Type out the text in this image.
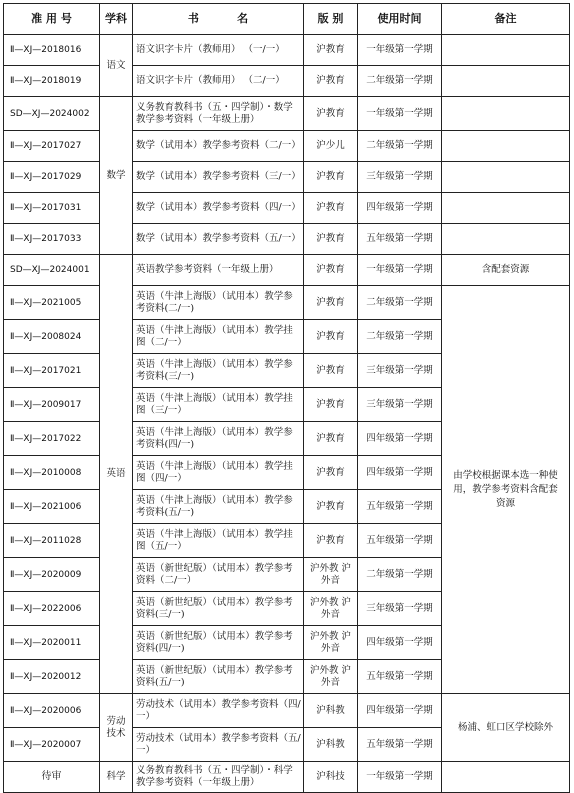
准 用 号	学科	书          名	版 别	使用时间	备注
Ⅱ—XJ—2018016	语文	语文识字卡片（教师用） （一/一）	沪教育	一年级第一学期	
Ⅱ—XJ—2018019		语文识字卡片（教师用） （二/一）	沪教育	二年级第一学期	
SD—XJ—2024002	数学	义务教育教科书（五・四学制）・数学 教学参考资料（一年级上册）	沪教育	一年级第一学期	
Ⅱ—XJ—2017027		数学（试用本）教学参考资料（二/一）	沪少儿	二年级第一学期	
Ⅱ—XJ—2017029		数学（试用本）教学参考资料（三/一）	沪教育	三年级第一学期	
Ⅱ—XJ—2017031		数学（试用本）教学参考资料（四/一）	沪教育	四年级第一学期	
Ⅱ—XJ—2017033		数学（试用本）教学参考资料（五/一）	沪教育	五年级第一学期	
SD—XJ—2024001	英语	英语教学参考资料（一年级上册）	沪教育	一年级第一学期	含配套资源
Ⅱ—XJ—2021005		英语（牛津上海版）（试用本）教学参考资料(二/一)	沪教育	二年级第一学期	由学校根据课本选一种使用，教学参考资料含配套资源
Ⅱ—XJ—2008024		英语（牛津上海版）（试用本）教学挂图（二/一）	沪教育	二年级第一学期	
Ⅱ—XJ—2017021		英语（牛津上海版）（试用本）教学参考资料(三/一)	沪教育	三年级第一学期	
Ⅱ—XJ—2009017		英语（牛津上海版）（试用本）教学挂图（三/一）	沪教育	三年级第一学期	
Ⅱ—XJ—2017022		英语（牛津上海版）（试用本）教学参考资料(四/一)	沪教育	四年级第一学期	
Ⅱ—XJ—2010008		英语（牛津上海版）（试用本）教学挂图（四/一）	沪教育	四年级第一学期	
Ⅱ—XJ—2021006		英语（牛津上海版）（试用本）教学参考资料(五/一)	沪教育	五年级第一学期	
Ⅱ—XJ—2011028		英语（牛津上海版）（试用本）教学挂图（五/一）	沪教育	五年级第一学期	
Ⅱ—XJ—2020009		英语（新世纪版）（试用本）教学参考资料（二/一）	沪外教 沪外音	二年级第一学期	
Ⅱ—XJ—2022006		英语（新世纪版）（试用本）教学参考资料(三/一)	沪外教 沪外音	三年级第一学期	
Ⅱ—XJ—2020011		英语（新世纪版）（试用本）教学参考资料(四/一)	沪外教 沪外音	四年级第一学期	
Ⅱ—XJ—2020012		英语（新世纪版）（试用本）教学参考资料(五/一)	沪外教 沪外音	五年级第一学期	
Ⅱ—XJ—2020006	劳动技术	劳动技术（试用本）教学参考资料（四/一）	沪科教	四年级第一学期	杨浦、虹口区学校除外
Ⅱ—XJ—2020007		劳动技术（试用本）教学参考资料（五/一）	沪科教	五年级第一学期	
待审	科学	义务教育教科书（五・四学制）・科学 教学参考资料（一年级上册）	沪科技	一年级第一学期	
